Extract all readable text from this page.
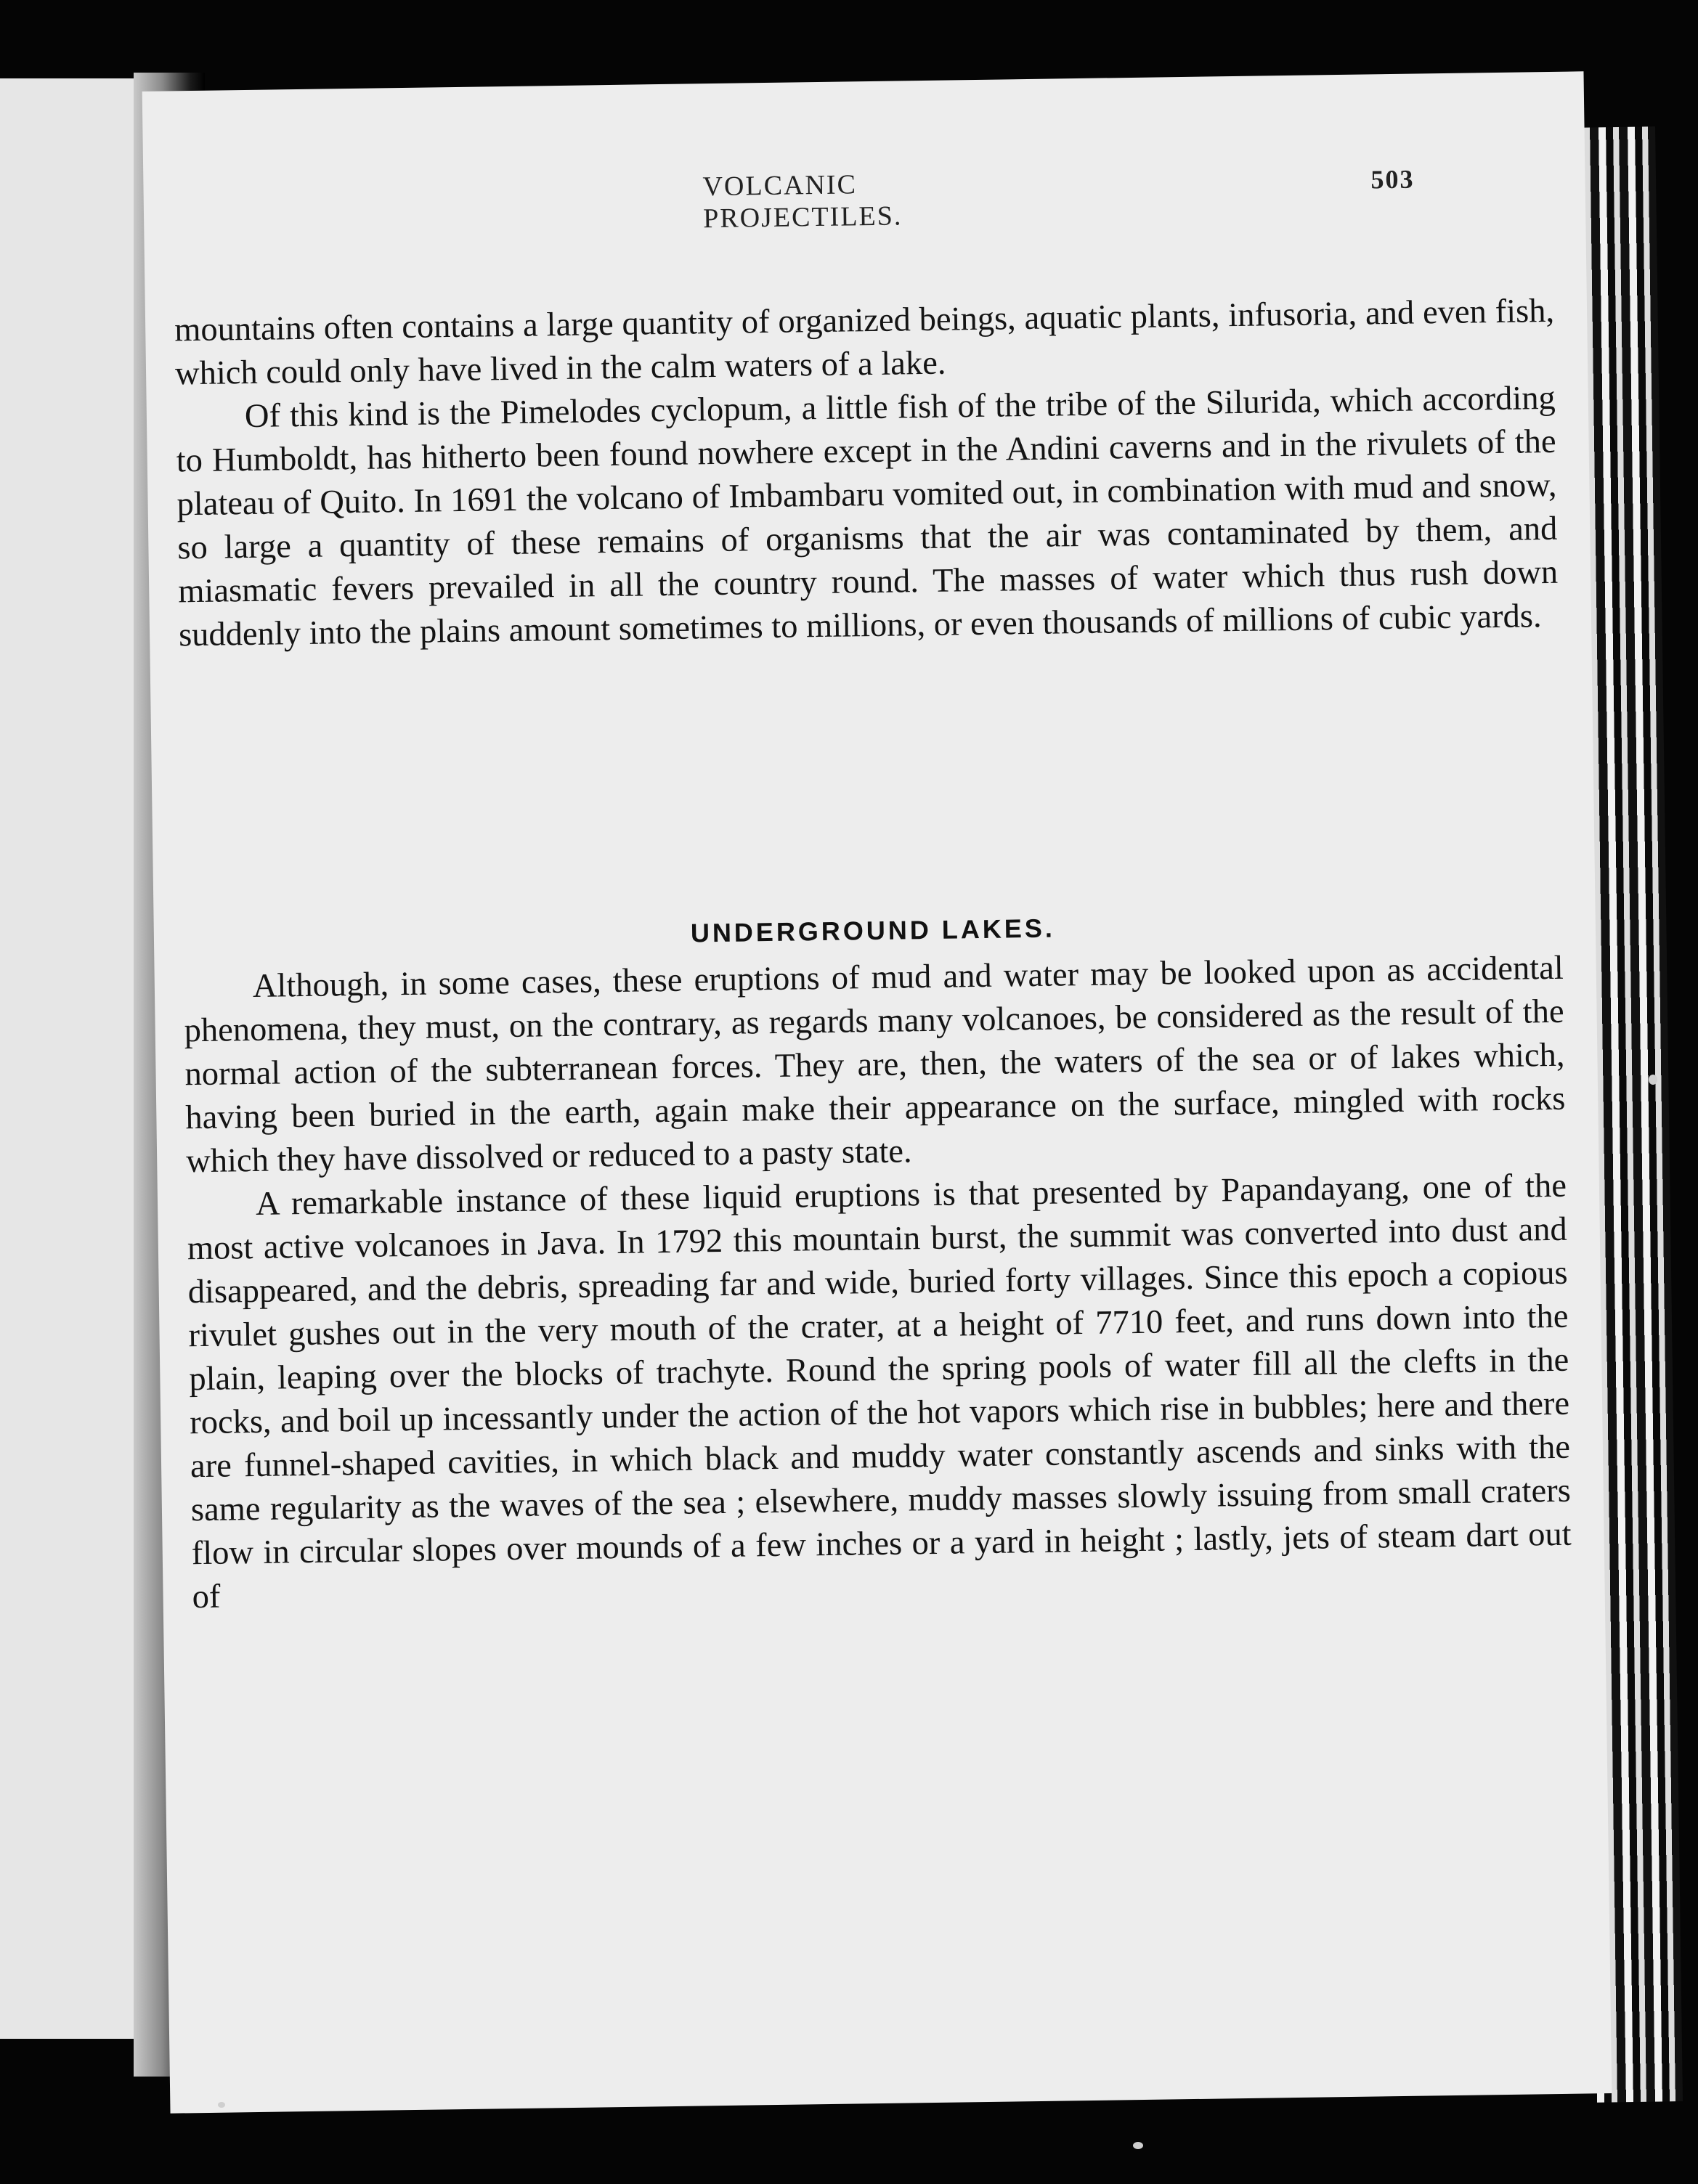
VOLCANIC PROJECTILES.
503

mountains often contains a large quantity of organized beings, aquatic plants, infusoria, and even fish, which could only have lived in the calm waters of a lake.

Of this kind is the Pimelodes cyclopum, a little fish of the tribe of the Silurida, which according to Humboldt, has hitherto been found nowhere except in the Andini caverns and in the rivulets of the plateau of Quito. In 1691 the volcano of Imbambaru vomited out, in combination with mud and snow, so large a quantity of these remains of organisms that the air was contaminated by them, and miasmatic fevers prevailed in all the country round. The masses of water which thus rush down suddenly into the plains amount sometimes to millions, or even thousands of millions of cubic yards.

UNDERGROUND LAKES.

Although, in some cases, these eruptions of mud and water may be looked upon as accidental phenomena, they must, on the contrary, as regards many volcanoes, be considered as the result of the normal action of the subterranean forces. They are, then, the waters of the sea or of lakes which, having been buried in the earth, again make their appearance on the surface, mingled with rocks which they have dissolved or reduced to a pasty state.

A remarkable instance of these liquid eruptions is that presented by Papandayang, one of the most active volcanoes in Java. In 1792 this mountain burst, the summit was converted into dust and disappeared, and the debris, spreading far and wide, buried forty villages. Since this epoch a copious rivulet gushes out in the very mouth of the crater, at a height of 7710 feet, and runs down into the plain, leaping over the blocks of trachyte. Round the spring pools of water fill all the clefts in the rocks, and boil up incessantly under the action of the hot vapors which rise in bubbles; here and there are funnel-shaped cavities, in which black and muddy water constantly ascends and sinks with the same regularity as the waves of the sea ; elsewhere, muddy masses slowly issuing from small craters flow in circular slopes over mounds of a few inches or a yard in height ; lastly, jets of steam dart out of
